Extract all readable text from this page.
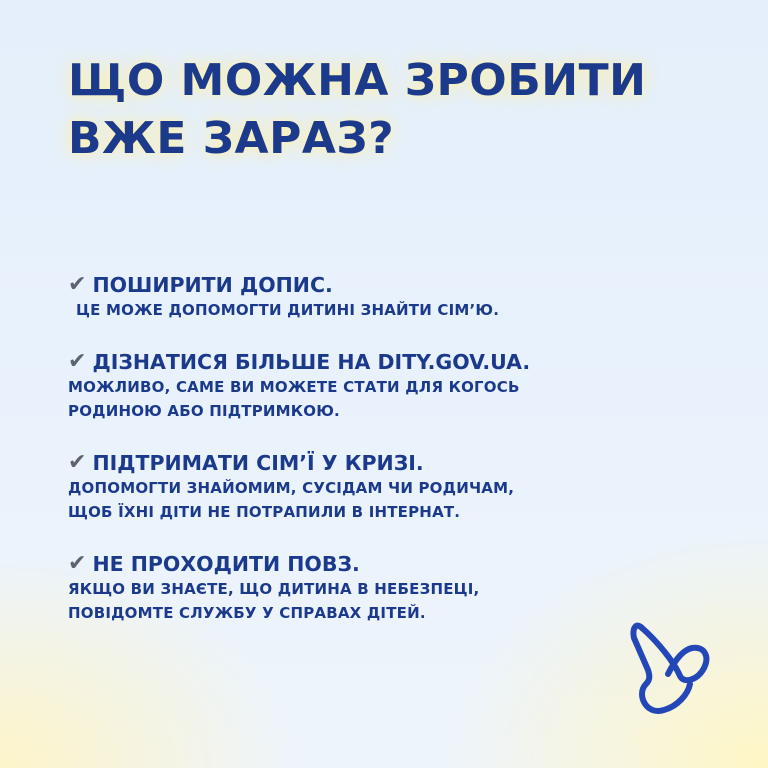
ЩО МОЖНА ЗРОБИТИ
ВЖЕ ЗАРАЗ?
✔ ПОШИРИТИ ДОПИС.
ЦЕ МОЖЕ ДОПОМОГТИ ДИТИНІ ЗНАЙТИ СІМ’Ю.
✔ ДІЗНАТИСЯ БІЛЬШЕ НА DITY.GOV.UA.
МОЖЛИВО, САМЕ ВИ МОЖЕТЕ СТАТИ ДЛЯ КОГОСЬ
РОДИНОЮ АБО ПІДТРИМКОЮ.
✔ ПІДТРИМАТИ СІМ’Ї У КРИЗІ.
ДОПОМОГТИ ЗНАЙОМИМ, СУСІДАМ ЧИ РОДИЧАМ,
ЩОБ ЇХНІ ДІТИ НЕ ПОТРАПИЛИ В ІНТЕРНАТ.
✔ НЕ ПРОХОДИТИ ПОВЗ.
ЯКЩО ВИ ЗНАЄТЕ, ЩО ДИТИНА В НЕБЕЗПЕЦІ,
ПОВІДОМТЕ СЛУЖБУ У СПРАВАХ ДІТЕЙ.
